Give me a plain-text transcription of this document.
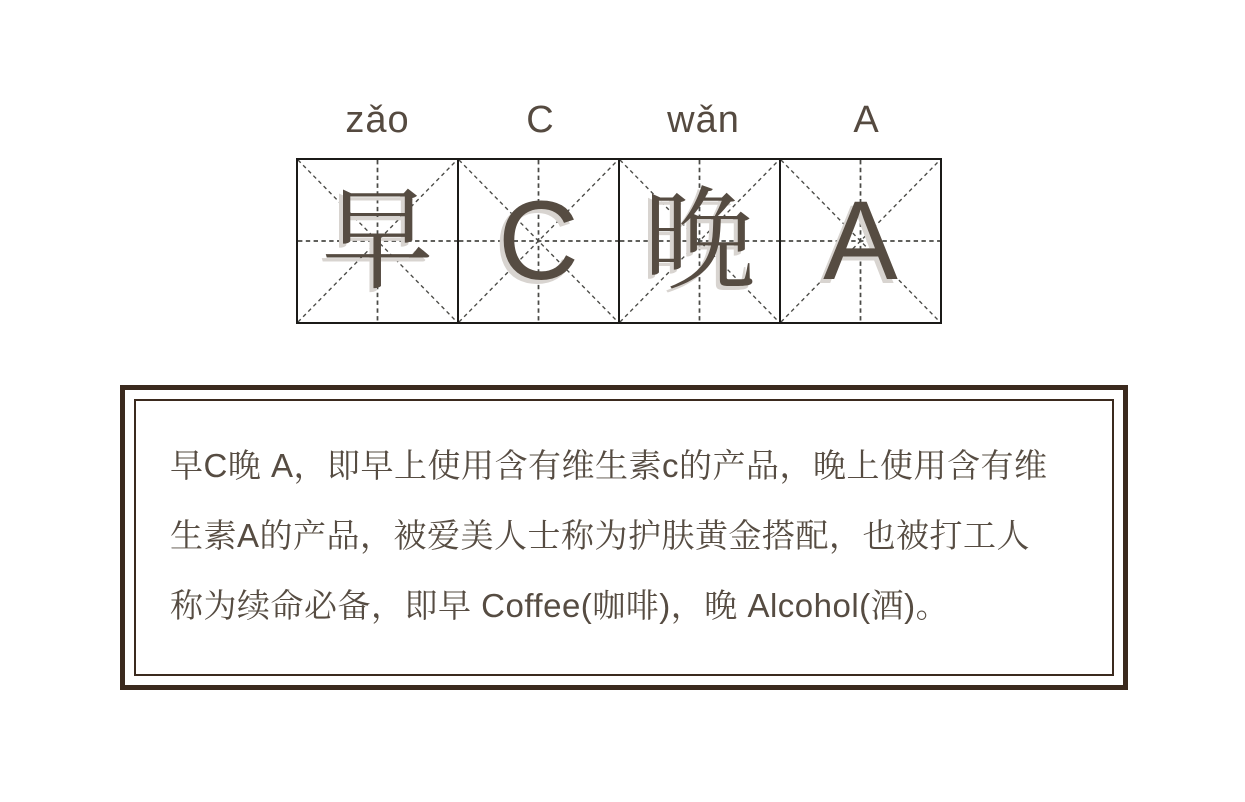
zǎo	C	wǎn	A
早 C 晚 A
早C晚 A，即早上使用含有维生素c的产品，晚上使用含有维
生素A的产品，被爱美人士称为护肤黄金搭配，也被打工人
称为续命必备，即早 Coffee(咖啡)，晚 Alcohol(酒)。
